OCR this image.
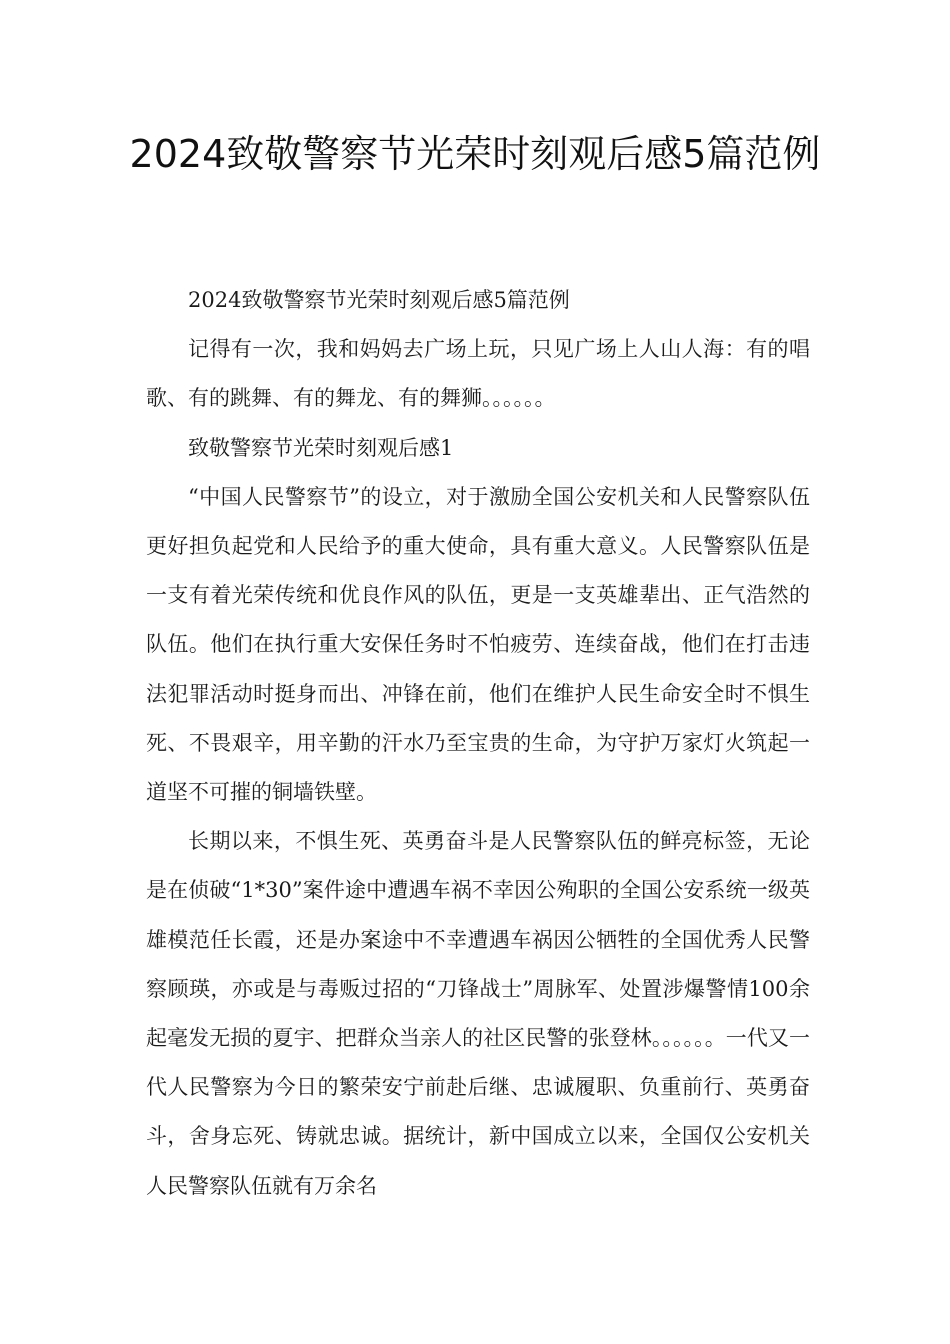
2024致敬警察节光荣时刻观后感5篇范例

2024致敬警察节光荣时刻观后感5篇范例

记得有一次，我和妈妈去广场上玩，只见广场上人山人海：有的唱歌、有的跳舞、有的舞龙、有的舞狮。。。。。。

致敬警察节光荣时刻观后感1

“中国人民警察节”的设立，对于激励全国公安机关和人民警察队伍更好担负起党和人民给予的重大使命，具有重大意义。人民警察队伍是一支有着光荣传统和优良作风的队伍，更是一支英雄辈出、正气浩然的队伍。他们在执行重大安保任务时不怕疲劳、连续奋战，他们在打击违法犯罪活动时挺身而出、冲锋在前，他们在维护人民生命安全时不惧生死、不畏艰辛，用辛勤的汗水乃至宝贵的生命，为守护万家灯火筑起一道坚不可摧的铜墙铁壁。

长期以来，不惧生死、英勇奋斗是人民警察队伍的鲜亮标签，无论是在侦破“1*30”案件途中遭遇车祸不幸因公殉职的全国公安系统一级英雄模范任长霞，还是办案途中不幸遭遇车祸因公牺牲的全国优秀人民警察顾瑛，亦或是与毒贩过招的“刀锋战士”周脉军、处置涉爆警情100余起毫发无损的夏宇、把群众当亲人的社区民警的张登林。。。。。。一代又一代人民警察为今日的繁荣安宁前赴后继、忠诚履职、负重前行、英勇奋斗，舍身忘死、铸就忠诚。据统计，新中国成立以来，全国仅公安机关人民警察队伍就有万余名
